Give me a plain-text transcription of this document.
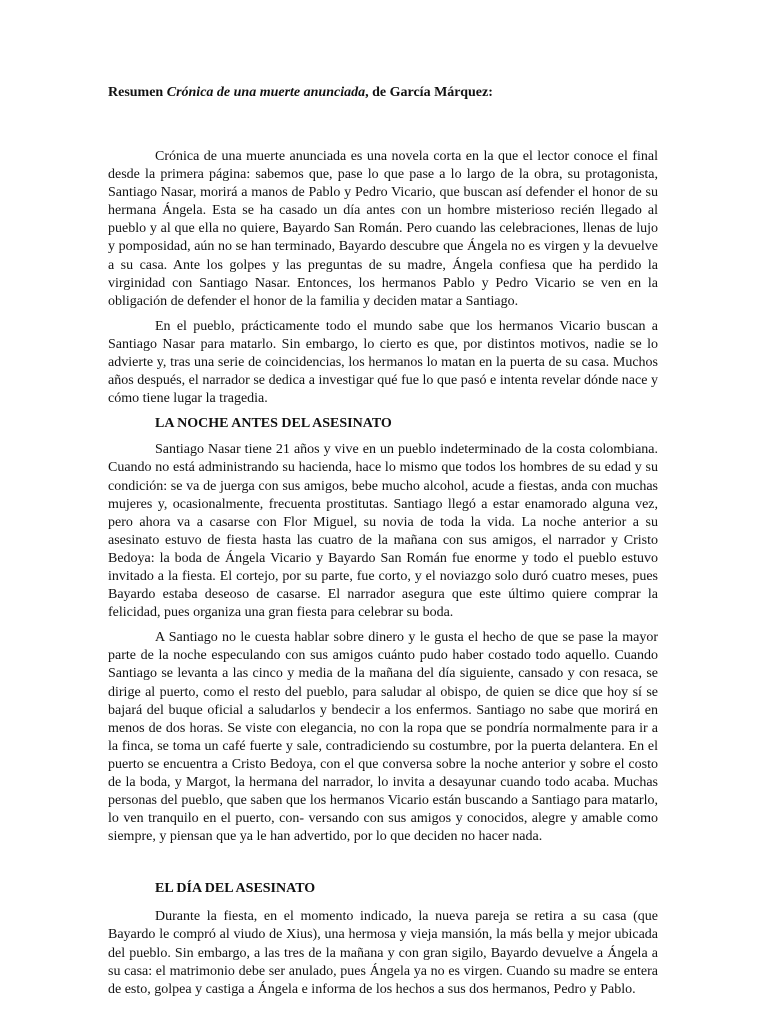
Resumen Crónica de una muerte anunciada, de García Márquez:

Crónica de una muerte anunciada es una novela corta en la que el lector conoce el final desde la primera página: sabemos que, pase lo que pase a lo largo de la obra, su protagonista, Santiago Nasar, morirá a manos de Pablo y Pedro Vicario, que buscan así defender el honor de su hermana Ángela. Esta se ha casado un día antes con un hombre misterioso recién llegado al pueblo y al que ella no quiere, Bayardo San Román. Pero cuando las celebraciones, llenas de lujo y pomposidad, aún no se han terminado, Bayardo descubre que Ángela no es virgen y la devuelve a su casa. Ante los golpes y las preguntas de su madre, Ángela confiesa que ha perdido la virginidad con Santiago Nasar. Entonces, los hermanos Pablo y Pedro Vicario se ven en la obligación de defender el honor de la familia y deciden matar a Santiago.

En el pueblo, prácticamente todo el mundo sabe que los hermanos Vicario buscan a Santiago Nasar para matarlo. Sin embargo, lo cierto es que, por distintos motivos, nadie se lo advierte y, tras una serie de coincidencias, los hermanos lo matan en la puerta de su casa. Muchos años después, el narrador se dedica a investigar qué fue lo que pasó e intenta revelar dónde nace y cómo tiene lugar la tragedia.

LA NOCHE ANTES DEL ASESINATO

Santiago Nasar tiene 21 años y vive en un pueblo indeterminado de la costa colombiana. Cuando no está administrando su hacienda, hace lo mismo que todos los hombres de su edad y su condición: se va de juerga con sus amigos, bebe mucho alcohol, acude a fiestas, anda con muchas mujeres y, ocasionalmente, frecuenta prostitutas. Santiago llegó a estar enamorado alguna vez, pero ahora va a casarse con Flor Miguel, su novia de toda la vida. La noche anterior a su asesinato estuvo de fiesta hasta las cuatro de la mañana con sus amigos, el narrador y Cristo Bedoya: la boda de Ángela Vicario y Bayardo San Román fue enorme y todo el pueblo estuvo invitado a la fiesta. El cortejo, por su parte, fue corto, y el noviazgo solo duró cuatro meses, pues Bayardo estaba deseoso de casarse. El narrador asegura que este último quiere comprar la felicidad, pues organiza una gran fiesta para celebrar su boda.

A Santiago no le cuesta hablar sobre dinero y le gusta el hecho de que se pase la mayor parte de la noche especulando con sus amigos cuánto pudo haber costado todo aquello. Cuando Santiago se levanta a las cinco y media de la mañana del día siguiente, cansado y con resaca, se dirige al puerto, como el resto del pueblo, para saludar al obispo, de quien se dice que hoy sí se bajará del buque oficial a saludarlos y bendecir a los enfermos. Santiago no sabe que morirá en menos de dos horas. Se viste con elegancia, no con la ropa que se pondría normalmente para ir a la finca, se toma un café fuerte y sale, contradiciendo su costumbre, por la puerta delantera. En el puerto se encuentra a Cristo Bedoya, con el que conversa sobre la noche anterior y sobre el costo de la boda, y Margot, la hermana del narrador, lo invita a desayunar cuando todo acaba. Muchas personas del pueblo, que saben que los hermanos Vicario están buscando a Santiago para matarlo, lo ven tranquilo en el puerto, con- versando con sus amigos y conocidos, alegre y amable como siempre, y piensan que ya le han advertido, por lo que deciden no hacer nada.

EL DÍA DEL ASESINATO

Durante la fiesta, en el momento indicado, la nueva pareja se retira a su casa (que Bayardo le compró al viudo de Xius), una hermosa y vieja mansión, la más bella y mejor ubicada del pueblo. Sin embargo, a las tres de la mañana y con gran sigilo, Bayardo devuelve a Ángela a su casa: el matrimonio debe ser anulado, pues Ángela ya no es virgen. Cuando su madre se entera de esto, golpea y castiga a Ángela e informa de los hechos a sus dos hermanos, Pedro y Pablo.
